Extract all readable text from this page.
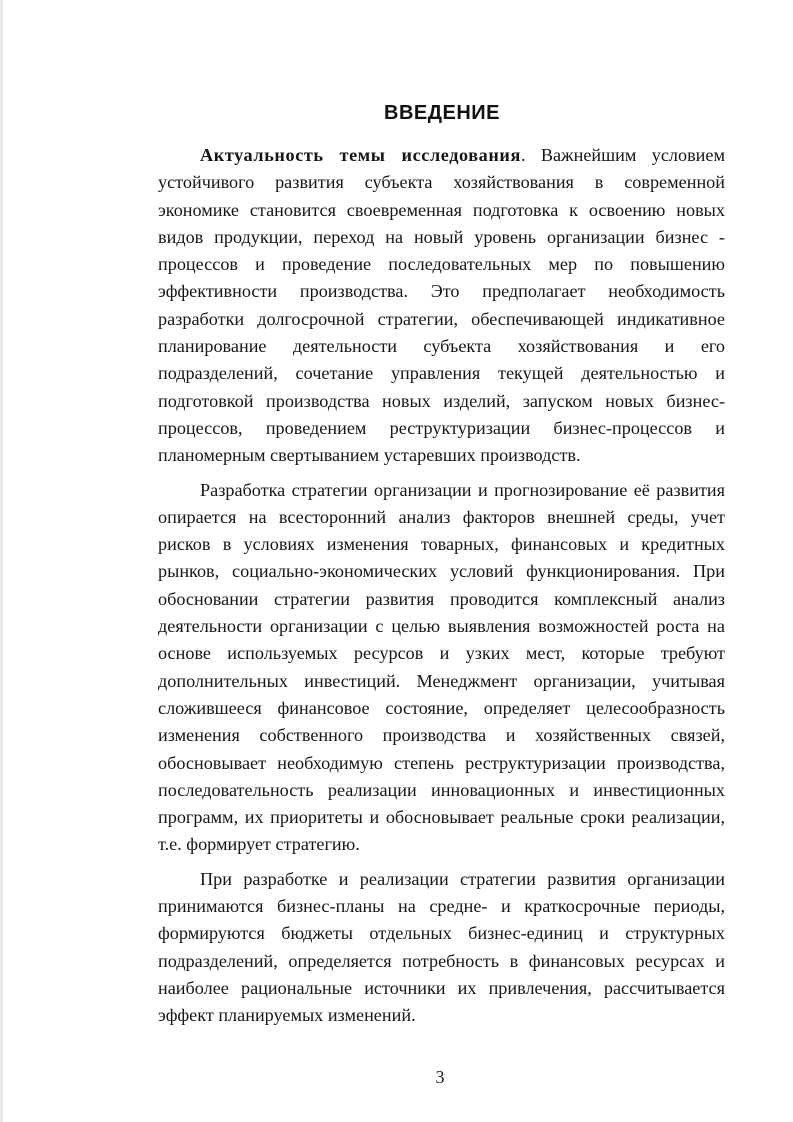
ВВЕДЕНИЕ

Актуальность темы исследования. Важнейшим условием устойчивого развития субъекта хозяйствования в современной экономике становится своевременная подготовка к освоению новых видов продукции, переход на новый уровень организации бизнес - процессов и проведение последовательных мер по повышению эффективности производства. Это предполагает необходимость разработки долгосрочной стратегии, обеспечивающей индикативное планирование деятельности субъекта хозяйствования и его подразделений, сочетание управления текущей деятельностью и подготовкой производства новых изделий, запуском новых бизнес-процессов, проведением реструктуризации бизнес-процессов и планомерным свертыванием устаревших производств.

Разработка стратегии организации и прогнозирование её развития опирается на всесторонний анализ факторов внешней среды, учет рисков в условиях изменения товарных, финансовых и кредитных рынков, социально-экономических условий функционирования. При обосновании стратегии развития проводится комплексный анализ деятельности организации с целью выявления возможностей роста на основе используемых ресурсов и узких мест, которые требуют дополнительных инвестиций. Менеджмент организации, учитывая сложившееся финансовое состояние, определяет целесообразность изменения собственного производства и хозяйственных связей, обосновывает необходимую степень реструктуризации производства, последовательность реализации инновационных и инвестиционных программ, их приоритеты и обосновывает реальные сроки реализации, т.е. формирует стратегию.

При разработке и реализации стратегии развития организации принимаются бизнес-планы на средне- и краткосрочные периоды, формируются бюджеты отдельных бизнес-единиц и структурных подразделений, определяется потребность в финансовых ресурсах и наиболее рациональные источники их привлечения, рассчитывается эффект планируемых изменений.

3
